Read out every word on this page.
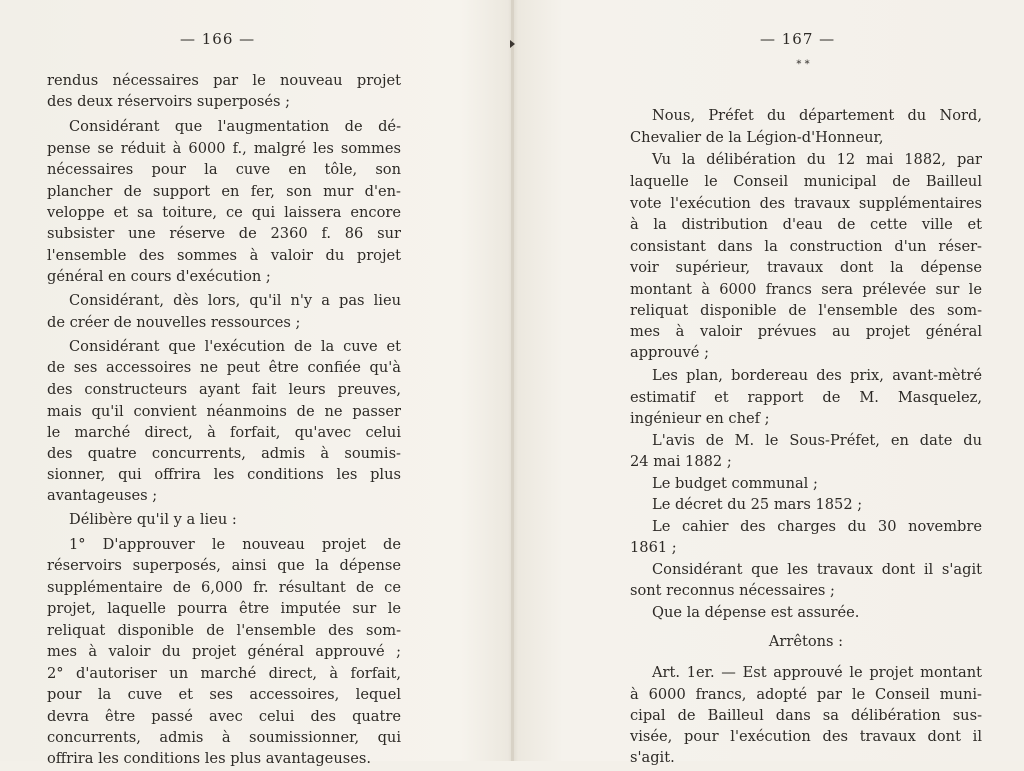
— 166 —
rendus nécessaires par le nouveau projet
des deux réservoirs superposés ;
Considérant que l'augmentation de dé-
pense se réduit à 6000 f., malgré les sommes
nécessaires pour la cuve en tôle, son
plancher de support en fer, son mur d'en-
veloppe et sa toiture, ce qui laissera encore
subsister une réserve de 2360 f. 86 sur
l'ensemble des sommes à valoir du projet
général en cours d'exécution ;
Considérant, dès lors, qu'il n'y a pas lieu
de créer de nouvelles ressources ;
Considérant que l'exécution de la cuve et
de ses accessoires ne peut être confiée qu'à
des constructeurs ayant fait leurs preuves,
mais qu'il convient néanmoins de ne passer
le marché direct, à forfait, qu'avec celui
des quatre concurrents, admis à soumis-
sionner, qui offrira les conditions les plus
avantageuses ;
Délibère qu'il y a lieu :
1° D'approuver le nouveau projet de
réservoirs superposés, ainsi que la dépense
supplémentaire de 6,000 fr. résultant de ce
projet, laquelle pourra être imputée sur le
reliquat disponible de l'ensemble des som-
mes à valoir du projet général approuvé ;
2° d'autoriser un marché direct, à forfait,
pour la cuve et ses accessoires, lequel
devra être passé avec celui des quatre
concurrents, admis à soumissionner, qui
offrira les conditions les plus avantageuses.
— 167 —
* *
Nous, Préfet du département du Nord,
Chevalier de la Légion-d'Honneur,
Vu la délibération du 12 mai 1882, par
laquelle le Conseil municipal de Bailleul
vote l'exécution des travaux supplémentaires
à la distribution d'eau de cette ville et
consistant dans la construction d'un réser-
voir supérieur, travaux dont la dépense
montant à 6000 francs sera prélevée sur le
reliquat disponible de l'ensemble des som-
mes à valoir prévues au projet général
approuvé ;
Les plan, bordereau des prix, avant-mètré
estimatif et rapport de M. Masquelez,
ingénieur en chef ;
L'avis de M. le Sous-Préfet, en date du
24 mai 1882 ;
Le budget communal ;
Le décret du 25 mars 1852 ;
Le cahier des charges du 30 novembre
1861 ;
Considérant que les travaux dont il s'agit
sont reconnus nécessaires ;
Que la dépense est assurée.
Arrêtons :
Art. 1er. — Est approuvé le projet montant
à 6000 francs, adopté par le Conseil muni-
cipal de Bailleul dans sa délibération sus-
visée, pour l'exécution des travaux dont il
s'agit.
